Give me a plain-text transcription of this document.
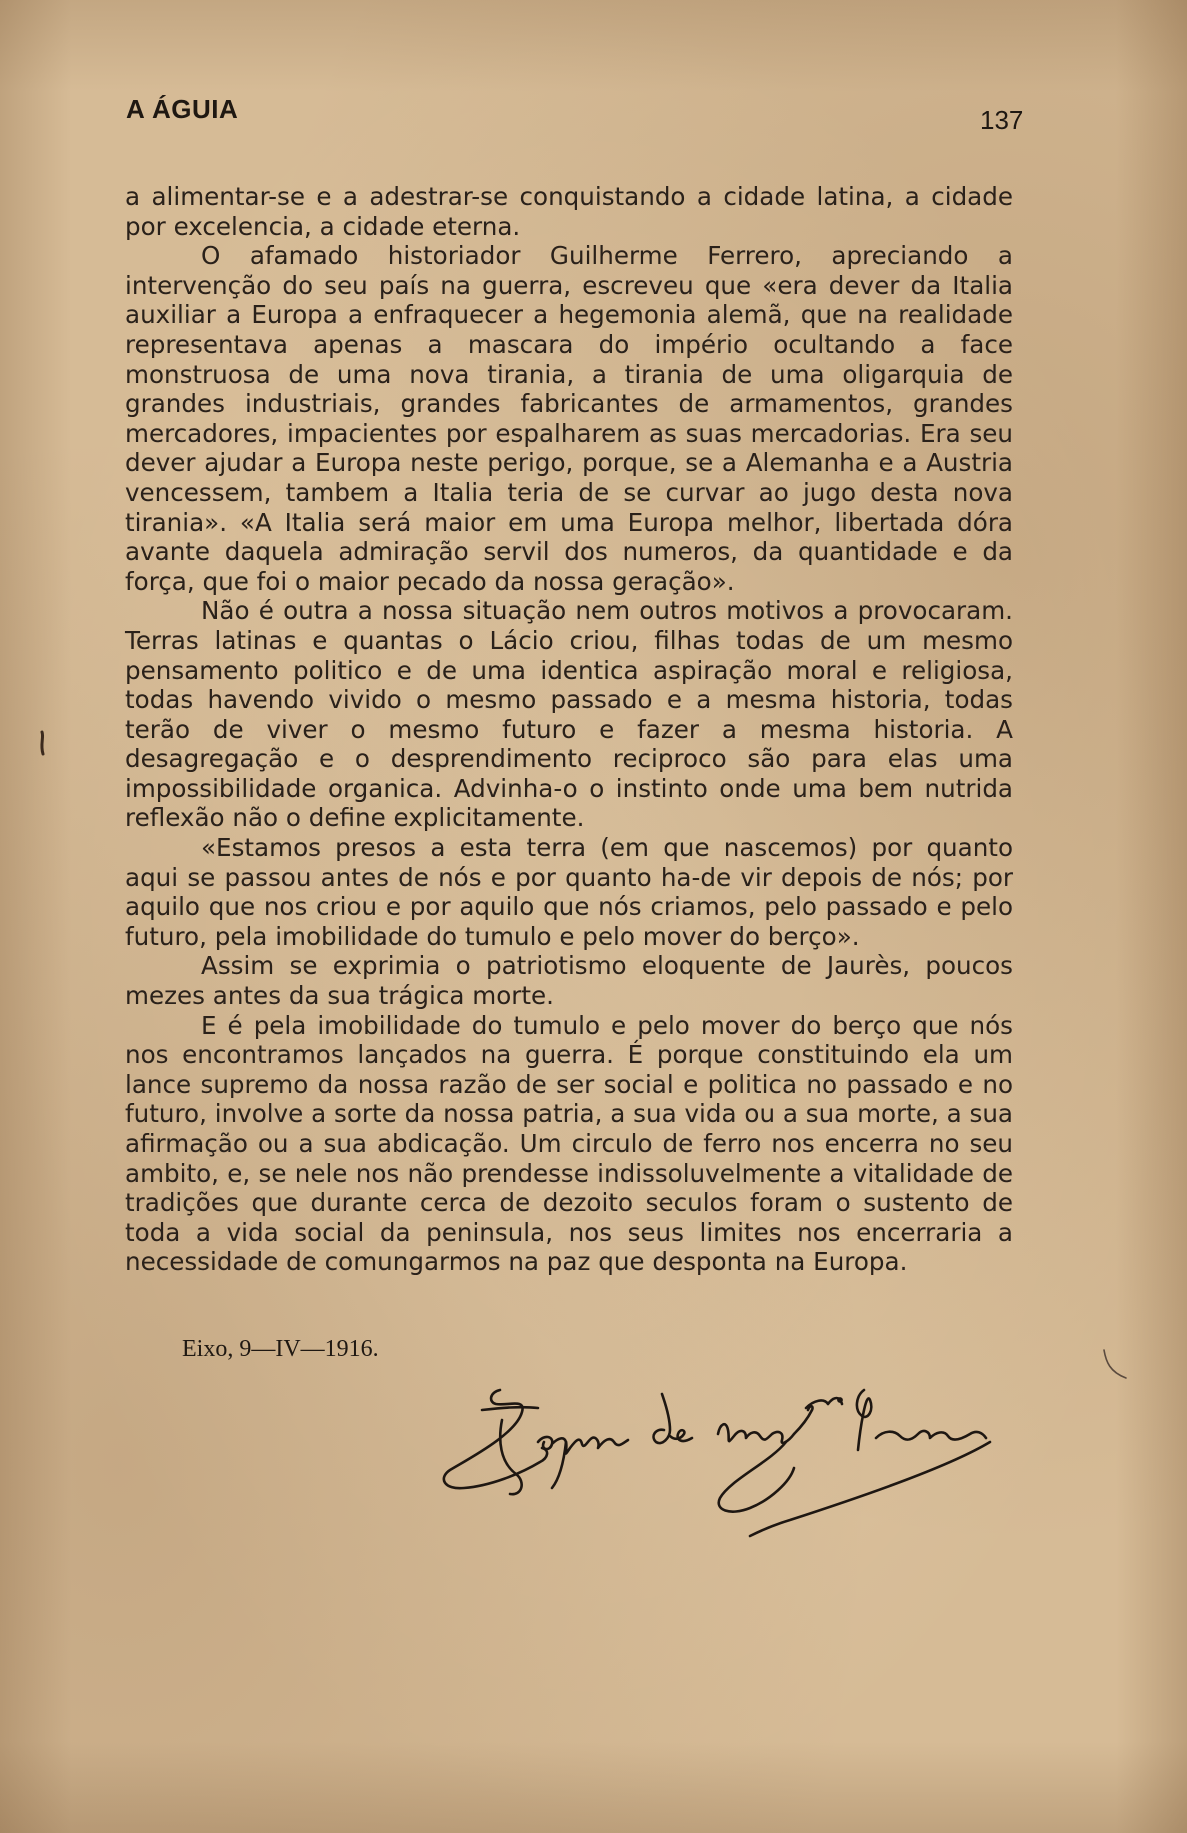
A ÁGUIA	137

a alimentar-se e a adestrar-se conquistando a cidade latina, a cidade por excelencia, a cidade eterna.

O afamado historiador Guilherme Ferrero, apreciando a intervenção do seu país na guerra, escreveu que «era dever da Italia auxiliar a Europa a enfraquecer a hegemonia alemã, que na realidade representava apenas a mascara do império ocultando a face monstruosa de uma nova tirania, a tirania de uma oligarquia de grandes industriais, grandes fabricantes de armamentos, grandes mercadores, impacientes por espalharem as suas mercadorias. Era seu dever ajudar a Europa neste perigo, porque, se a Alemanha e a Austria vencessem, tambem a Italia teria de se curvar ao jugo desta nova tirania». «A Italia será maior em uma Europa melhor, libertada dóra avante daquela admiração servil dos numeros, da quantidade e da força, que foi o maior pecado da nossa geração».

Não é outra a nossa situação nem outros motivos a provocaram. Terras latinas e quantas o Lácio criou, filhas todas de um mesmo pensamento politico e de uma identica aspiração moral e religiosa, todas havendo vivido o mesmo passado e a mesma historia, todas terão de viver o mesmo futuro e fazer a mesma historia. A desagregação e o desprendimento reciproco são para elas uma impossibilidade organica. Advinha-o o instinto onde uma bem nutrida reflexão não o define explicitamente.

«Estamos presos a esta terra (em que nascemos) por quanto aqui se passou antes de nós e por quanto ha-de vir depois de nós; por aquilo que nos criou e por aquilo que nós criamos, pelo passado e pelo futuro, pela imobilidade do tumulo e pelo mover do berço».

Assim se exprimia o patriotismo eloquente de Jaurès, poucos mezes antes da sua trágica morte.

E é pela imobilidade do tumulo e pelo mover do berço que nós nos encontramos lançados na guerra. É porque constituindo ela um lance supremo da nossa razão de ser social e politica no passado e no futuro, involve a sorte da nossa patria, a sua vida ou a sua morte, a sua afirmação ou a sua abdicação. Um circulo de ferro nos encerra no seu ambito, e, se nele nos não prendesse indissoluvelmente a vitalidade de tradições que durante cerca de dezoito seculos foram o sustento de toda a vida social da peninsula, nos seus limites nos encerraria a necessidade de comungarmos na paz que desponta na Europa.

Eixo, 9—IV—1916.
